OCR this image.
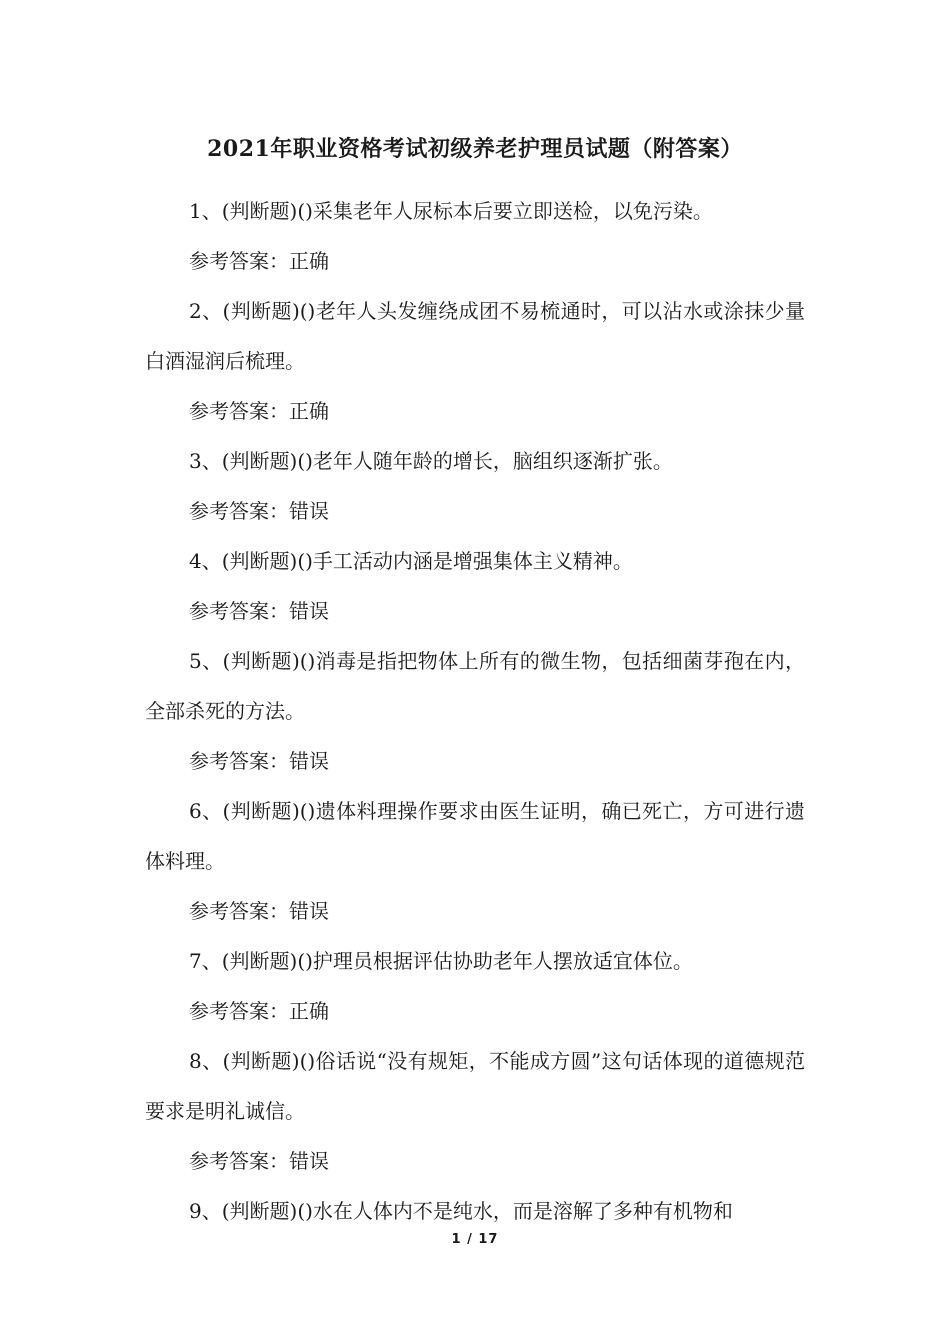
2021年职业资格考试初级养老护理员试题（附答案）

1、(判断题)()采集老年人尿标本后要立即送检，以免污染。

参考答案：正确

2、(判断题)()老年人头发缠绕成团不易梳通时，可以沾水或涂抹少量白酒湿润后梳理。

参考答案：正确

3、(判断题)()老年人随年龄的增长，脑组织逐渐扩张。

参考答案：错误

4、(判断题)()手工活动内涵是增强集体主义精神。

参考答案：错误

5、(判断题)()消毒是指把物体上所有的微生物，包括细菌芽孢在内，全部杀死的方法。

参考答案：错误

6、(判断题)()遗体料理操作要求由医生证明，确已死亡，方可进行遗体料理。

参考答案：错误

7、(判断题)()护理员根据评估协助老年人摆放适宜体位。

参考答案：正确

8、(判断题)()俗话说“没有规矩，不能成方圆”这句话体现的道德规范要求是明礼诚信。

参考答案：错误

9、(判断题)()水在人体内不是纯水，而是溶解了多种有机物和

1 / 17
